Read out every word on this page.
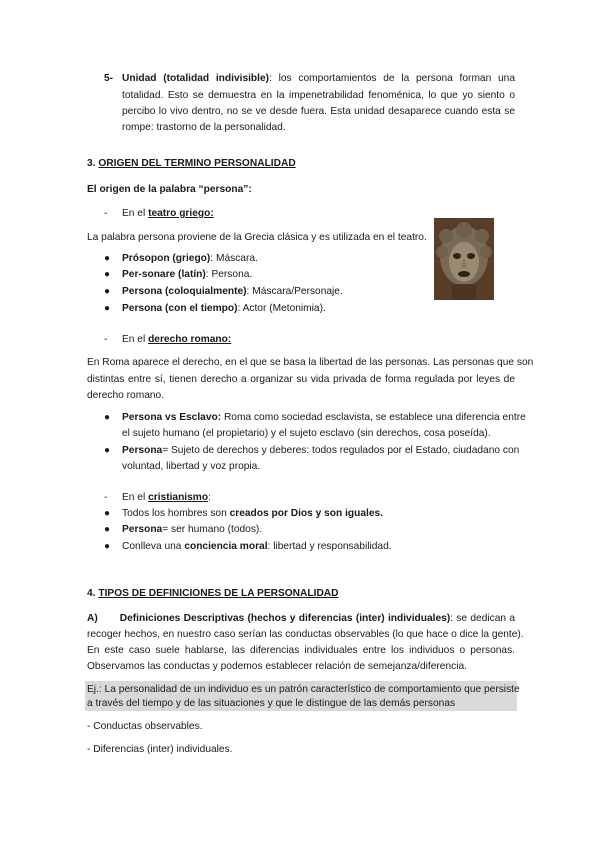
5- Unidad (totalidad indivisible): los comportamientos de la persona forman una
totalidad. Esto se demuestra en la impenetrabilidad fenoménica, lo que yo siento o
percibo lo vivo dentro, no se ve desde fuera. Esta unidad desaparece cuando esta se
rompe: trastorno de la personalidad.
3. ORIGEN DEL TERMINO PERSONALIDAD
El origen de la palabra “persona”:
- En el teatro griego:
La palabra persona proviene de la Grecia clásica y es utilizada en el teatro.
● Prósopon (griego): Máscara.
● Per-sonare (latín): Persona.
● Persona (coloquialmente): Máscara/Personaje.
● Persona (con el tiempo): Actor (Metonimia).
- En el derecho romano:
En Roma aparece el derecho, en el que se basa la libertad de las personas. Las personas que son
distintas entre sí, tienen derecho a organizar su vida privada de forma regulada por leyes de
derecho romano.
● Persona vs Esclavo: Roma como sociedad esclavista, se establece una diferencia entre
el sujeto humano (el propietario) y el sujeto esclavo (sin derechos, cosa poseída).
● Persona= Sujeto de derechos y deberes: todos regulados por el Estado, ciudadano con
voluntad, libertad y voz propia.
- En el cristianismo:
● Todos los hombres son creados por Dios y son iguales.
● Persona= ser humano (todos).
● Conlleva una conciencia moral: libertad y responsabilidad.
4. TIPOS DE DEFINICIONES DE LA PERSONALIDAD
A) Definiciones Descriptivas (hechos y diferencias (inter) individuales): se dedican a
recoger hechos, en nuestro caso serían las conductas observables (lo que hace o dice la gente).
En este caso suele hablarse, las diferencias individuales entre los individuos o personas.
Observamos las conductas y podemos establecer relación de semejanza/diferencia.
Ej.: La personalidad de un individuo es un patrón característico de comportamiento que persiste
a través del tiempo y de las situaciones y que le distingue de las demás personas
- Conductas observables.
- Diferencias (inter) individuales.
